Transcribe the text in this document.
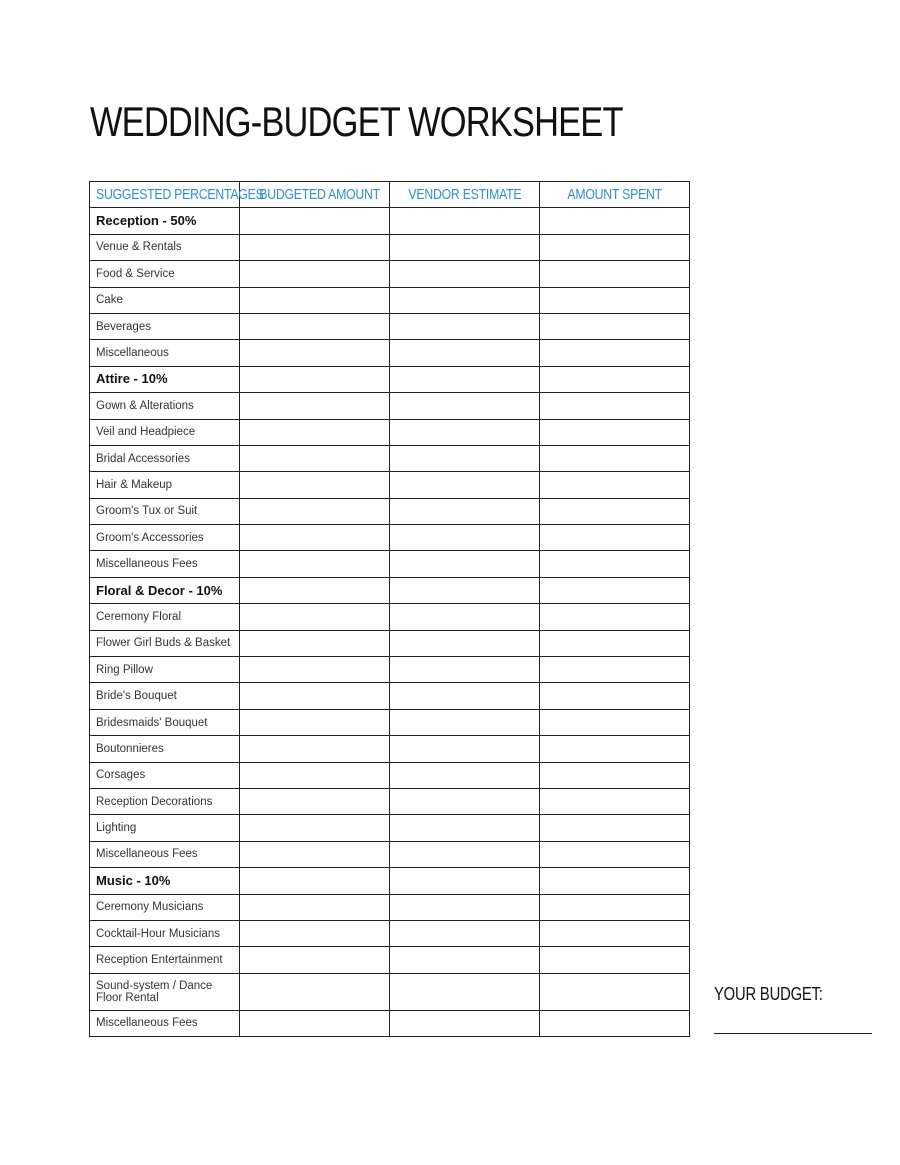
WEDDING-BUDGET WORKSHEET
SUGGESTED PERCENTAGES	BUDGETED AMOUNT	VENDOR ESTIMATE	AMOUNT SPENT
Reception - 50%			
Venue & Rentals			
Food & Service			
Cake			
Beverages			
Miscellaneous			
Attire - 10%			
Gown & Alterations			
Veil and Headpiece			
Bridal Accessories			
Hair & Makeup			
Groom's Tux or Suit			
Groom's Accessories			
Miscellaneous Fees			
Floral & Decor - 10%			
Ceremony Floral			
Flower Girl Buds & Basket			
Ring Pillow			
Bride's Bouquet			
Bridesmaids' Bouquet			
Boutonnieres			
Corsages			
Reception Decorations			
Lighting			
Miscellaneous Fees			
Music - 10%			
Ceremony Musicians			
Cocktail-Hour Musicians			
Reception Entertainment			
Sound-system / Dance Floor Rental			
Miscellaneous Fees			
YOUR BUDGET:
